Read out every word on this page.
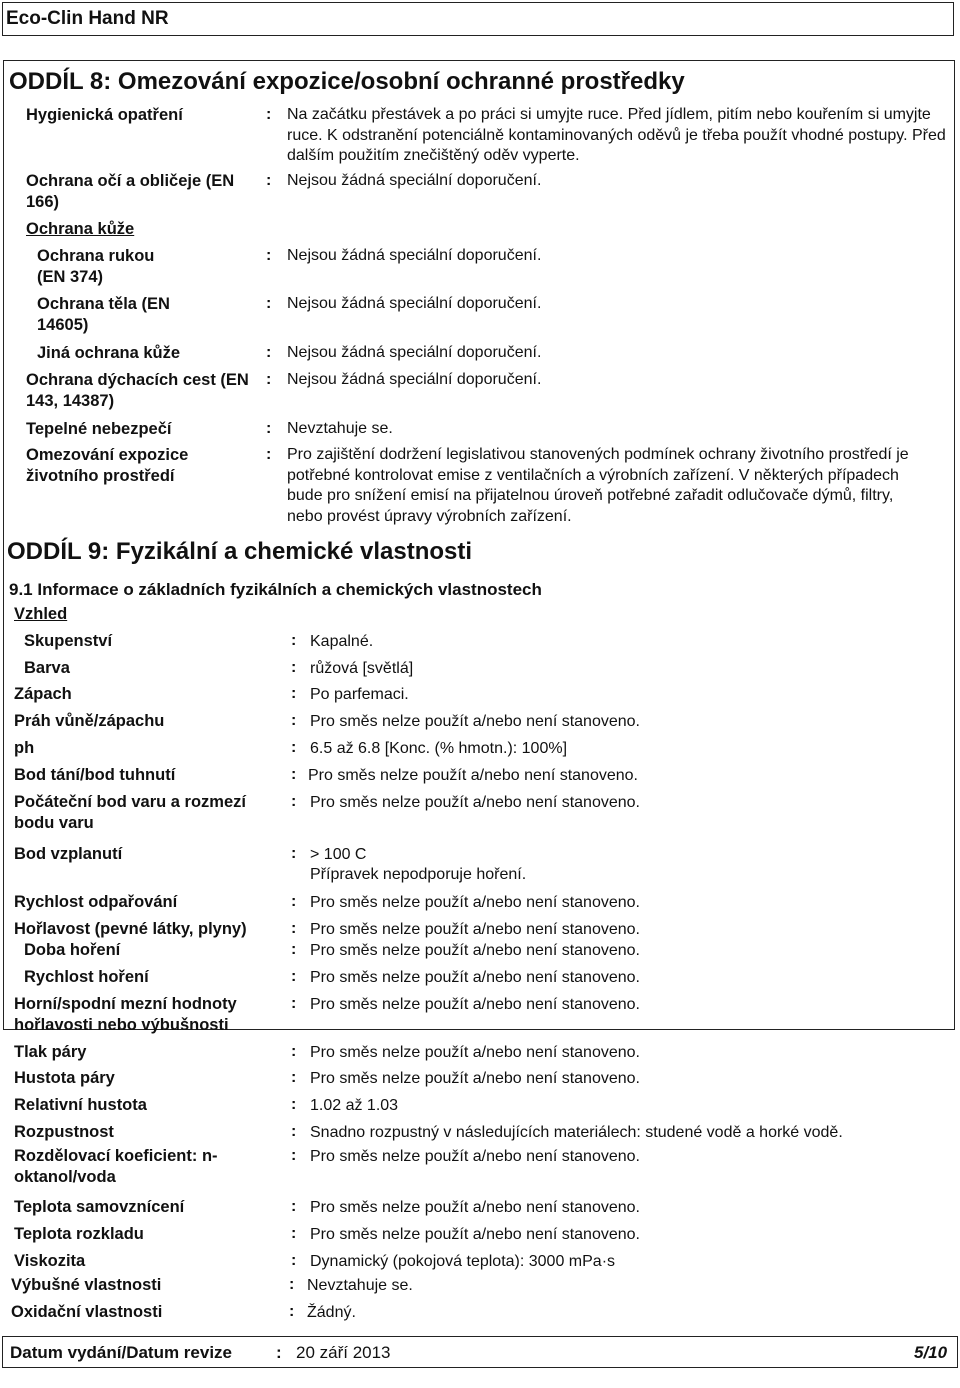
Eco-Clin Hand NR
ODDÍL 8: Omezování expozice/osobní ochranné prostředky
Hygienická opatření	: Na začátku přestávek a po práci si umyjte ruce. Před jídlem, pitím nebo kouřením si umyjte ruce. K odstranění potenciálně kontaminovaných oděvů je třeba použít vhodné postupy. Před dalším použitím znečištěný oděv vyperte.
Ochrana očí a obličeje (EN 166)
: Nejsou žádná speciální doporučení.
Ochrana kůže
Ochrana rukou (EN 374)
: Nejsou žádná speciální doporučení.
Ochrana těla (EN 14605)
: Nejsou žádná speciální doporučení.
Jiná ochrana kůže	: Nejsou žádná speciální doporučení.
Ochrana dýchacích cest (EN 143, 14387)
: Nejsou žádná speciální doporučení.
Tepelné nebezpečí	: Nevztahuje se.
Omezování expozice životního prostředí
: Pro zajištění dodržení legislativou stanovených podmínek ochrany životního prostředí je potřebné kontrolovat emise z ventilačních a výrobních zařízení. V některých případech bude pro snížení emisí na přijatelnou úroveň potřebné zařadit odlučovače dýmů, filtry, nebo provést úpravy výrobních zařízení.
ODDÍL 9: Fyzikální a chemické vlastnosti
9.1 Informace o základních fyzikálních a chemických vlastnostech
Vzhled
Skupenství	: Kapalné.
Barva	: růžová [světlá]
Zápach	: Po parfemaci.
Práh vůně/zápachu	: Pro směs nelze použít a/nebo není stanoveno.
ph	: 6.5 až 6.8 [Konc. (% hmotn.): 100%]
Bod tání/bod tuhnutí	: Pro směs nelze použít a/nebo není stanoveno.
Počáteční bod varu a rozmezí bodu varu
: Pro směs nelze použít a/nebo není stanoveno.
Bod vzplanutí	: > 100 C
Přípravek nepodporuje hoření.
Rychlost odpařování	: Pro směs nelze použít a/nebo není stanoveno.
Hořlavost (pevné látky, plyny)	: Pro směs nelze použít a/nebo není stanoveno.
Doba hoření	: Pro směs nelze použít a/nebo není stanoveno.
Rychlost hoření	: Pro směs nelze použít a/nebo není stanoveno.
Horní/spodní mezní hodnoty hořlavosti nebo výbušnosti
: Pro směs nelze použít a/nebo není stanoveno.
Tlak páry	: Pro směs nelze použít a/nebo není stanoveno.
Hustota páry	: Pro směs nelze použít a/nebo není stanoveno.
Relativní hustota	: 1.02 až 1.03
Rozpustnost	: Snadno rozpustný v následujících materiálech: studené vodě a horké vodě.
Rozdělovací koeficient: n-oktanol/voda
: Pro směs nelze použít a/nebo není stanoveno.
Teplota samovznícení	: Pro směs nelze použít a/nebo není stanoveno.
Teplota rozkladu	: Pro směs nelze použít a/nebo není stanoveno.
Viskozita	: Dynamický (pokojová teplota): 3000 mPa·s
Výbušné vlastnosti	: Nevztahuje se.
Oxidační vlastnosti	: Žádný.
Datum vydání/Datum revize	: 20 září 2013	5/10
